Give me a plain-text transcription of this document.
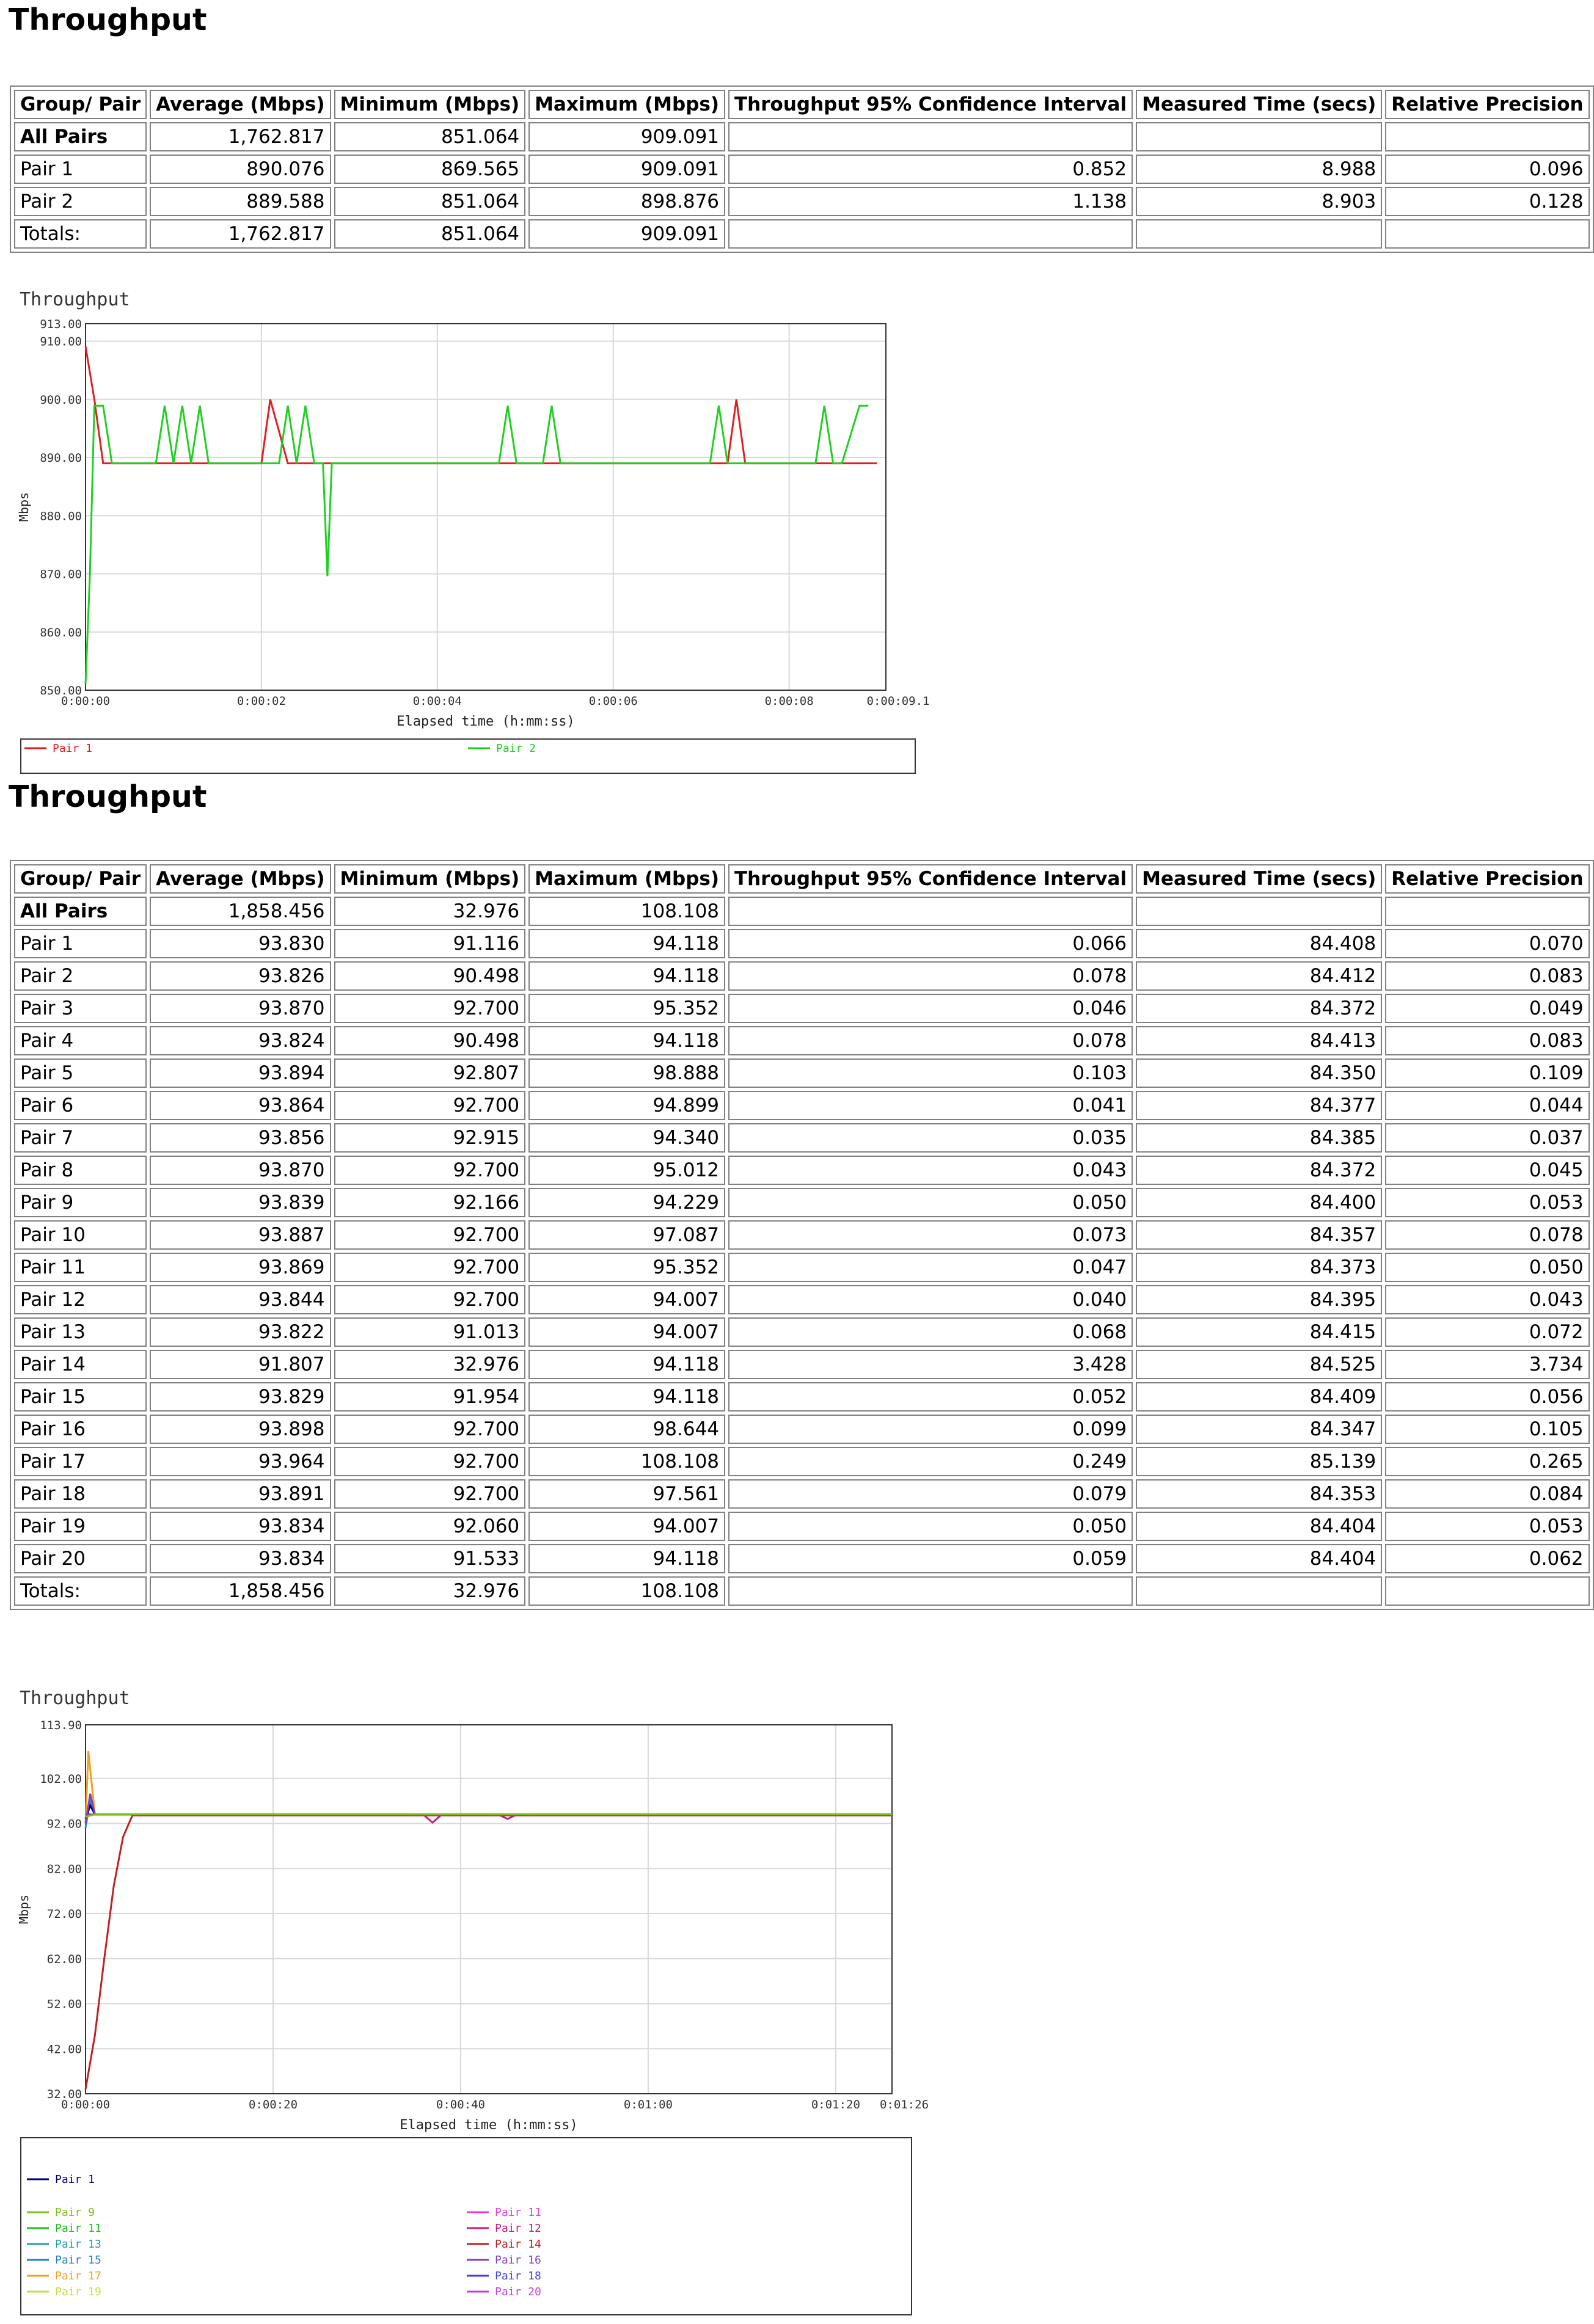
Throughput
Group/ Pair	Average (Mbps)	Minimum (Mbps)	Maximum (Mbps)	Throughput 95% Confidence Interval	Measured Time (secs)	Relative Precision
All Pairs	1,762.817	851.064	909.091			
Pair 1	890.076	869.565	909.091	0.852	8.988	0.096
Pair 2	889.588	851.064	898.876	1.138	8.903	0.128
Totals:	1,762.817	851.064	909.091			
Throughput
913.00
910.00
900.00
890.00
880.00
870.00
860.00
850.00
0:00:00	0:00:02	0:00:04	0:00:06	0:00:08	0:00:09.1
Elapsed time (h:mm:ss)
Mbps
Pair 1	Pair 2
Throughput
Group/ Pair	Average (Mbps)	Minimum (Mbps)	Maximum (Mbps)	Throughput 95% Confidence Interval	Measured Time (secs)	Relative Precision
All Pairs	1,858.456	32.976	108.108			
Pair 1	93.830	91.116	94.118	0.066	84.408	0.070
Pair 2	93.826	90.498	94.118	0.078	84.412	0.083
Pair 3	93.870	92.700	95.352	0.046	84.372	0.049
Pair 4	93.824	90.498	94.118	0.078	84.413	0.083
Pair 5	93.894	92.807	98.888	0.103	84.350	0.109
Pair 6	93.864	92.700	94.899	0.041	84.377	0.044
Pair 7	93.856	92.915	94.340	0.035	84.385	0.037
Pair 8	93.870	92.700	95.012	0.043	84.372	0.045
Pair 9	93.839	92.166	94.229	0.050	84.400	0.053
Pair 10	93.887	92.700	97.087	0.073	84.357	0.078
Pair 11	93.869	92.700	95.352	0.047	84.373	0.050
Pair 12	93.844	92.700	94.007	0.040	84.395	0.043
Pair 13	93.822	91.013	94.007	0.068	84.415	0.072
Pair 14	91.807	32.976	94.118	3.428	84.525	3.734
Pair 15	93.829	91.954	94.118	0.052	84.409	0.056
Pair 16	93.898	92.700	98.644	0.099	84.347	0.105
Pair 17	93.964	92.700	108.108	0.249	85.139	0.265
Pair 18	93.891	92.700	97.561	0.079	84.353	0.084
Pair 19	93.834	92.060	94.007	0.050	84.404	0.053
Pair 20	93.834	91.533	94.118	0.059	84.404	0.062
Totals:	1,858.456	32.976	108.108			
Throughput
113.90
102.00
92.00
82.00
72.00
62.00
52.00
42.00
32.00
0:00:00	0:00:20	0:00:40	0:01:00	0:01:20 0:01:26
Elapsed time (h:mm:ss)
Mbps
Pair 1
Pair 9
Pair 11
Pair 13
Pair 15
Pair 17
Pair 19
Pair 11
Pair 12
Pair 14
Pair 16
Pair 18
Pair 20
